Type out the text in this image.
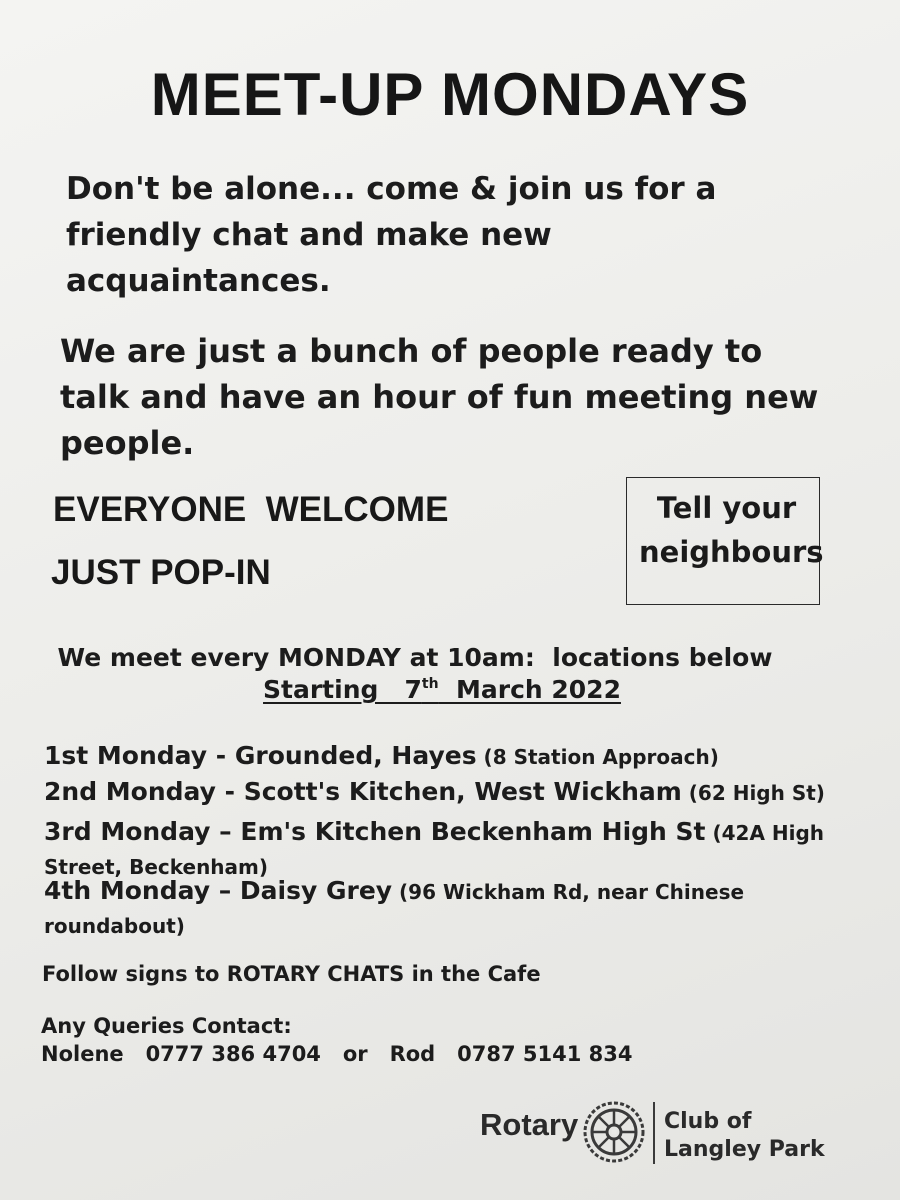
MEET-UP MONDAYS
Don't be alone... come & join us for a
friendly chat and make new
acquaintances.
We are just a bunch of people ready to
talk and have an hour of fun meeting new
people.
EVERYONE  WELCOME
JUST POP-IN
Tell your
neighbours
We meet every MONDAY at 10am:  locations below
Starting   7th  March 2022
1st Monday - Grounded, Hayes (8 Station Approach)
2nd Monday - Scott's Kitchen, West Wickham (62 High St)
3rd Monday – Em's Kitchen Beckenham High St (42A High Street, Beckenham)
4th Monday – Daisy Grey (96 Wickham Rd, near Chinese roundabout)
Follow signs to ROTARY CHATS in the Cafe
Any Queries Contact:
Nolene   0777 386 4704   or   Rod   0787 5141 834
Rotary	Club of
Langley Park
